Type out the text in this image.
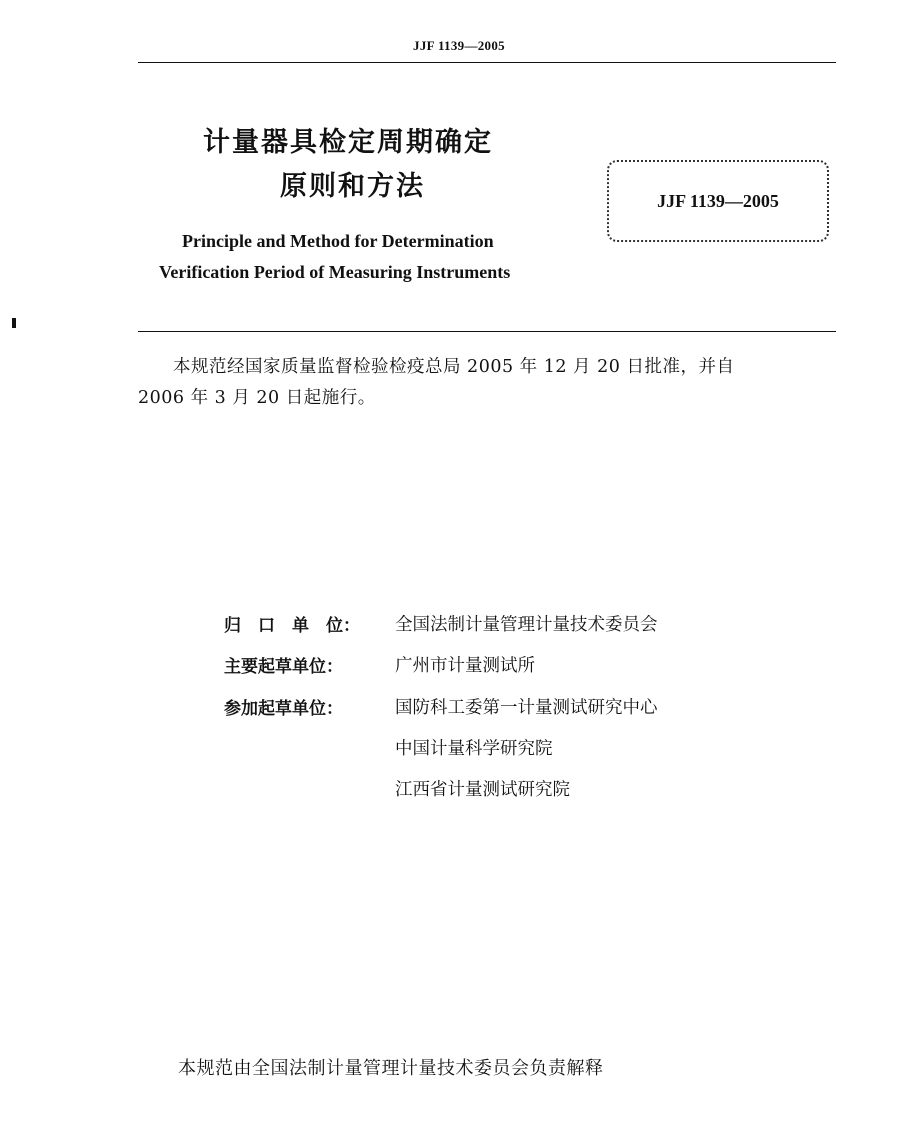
JJF 1139—2005
计量器具检定周期确定
原则和方法
Principle and Method for Determination
Verification Period of Measuring Instruments
JJF 1139—2005
本规范经国家质量监督检验检疫总局 2005 年 12 月 20 日批准，并自
2006 年 3 月 20 日起施行。
归　口　单　位： 全国法制计量管理计量技术委员会
主要起草单位：	广州市计量测试所
参加起草单位：	国防科工委第一计量测试研究中心
中国计量科学研究院
江西省计量测试研究院
本规范由全国法制计量管理计量技术委员会负责解释
